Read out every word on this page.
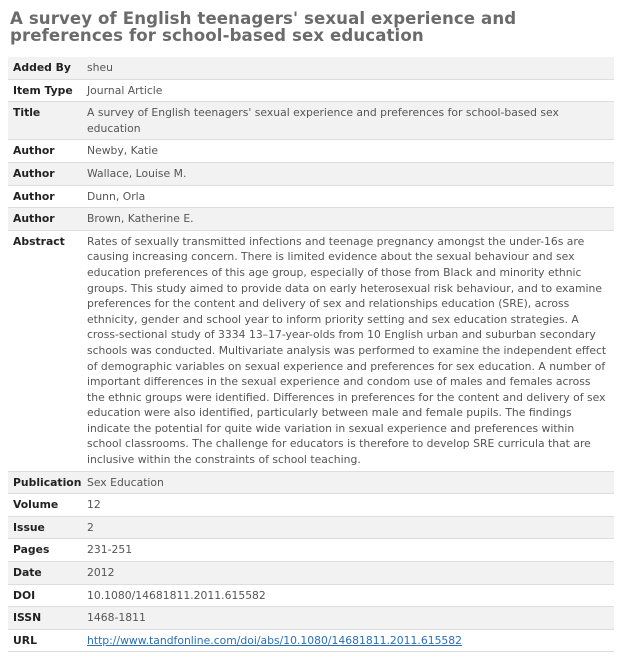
A survey of English teenagers' sexual experience and preferences for school-based sex education
Added By	sheu
Item Type	Journal Article
Title	A survey of English teenagers' sexual experience and preferences for school-based sex education
Author	Newby, Katie
Author	Wallace, Louise M.
Author	Dunn, Orla
Author	Brown, Katherine E.
Abstract	Rates of sexually transmitted infections and teenage pregnancy amongst the under-16s are causing increasing concern. There is limited evidence about the sexual behaviour and sex education preferences of this age group, especially of those from Black and minority ethnic groups. This study aimed to provide data on early heterosexual risk behaviour, and to examine preferences for the content and delivery of sex and relationships education (SRE), across ethnicity, gender and school year to inform priority setting and sex education strategies. A cross-sectional study of 3334 13–17-year-olds from 10 English urban and suburban secondary schools was conducted. Multivariate analysis was performed to examine the independent effect of demographic variables on sexual experience and preferences for sex education. A number of important differences in the sexual experience and condom use of males and females across the ethnic groups were identified. Differences in preferences for the content and delivery of sex education were also identified, particularly between male and female pupils. The findings indicate the potential for quite wide variation in sexual experience and preferences within school classrooms. The challenge for educators is therefore to develop SRE curricula that are inclusive within the constraints of school teaching.
Publication	Sex Education
Volume	12
Issue	2
Pages	231-251
Date	2012
DOI	10.1080/14681811.2011.615582
ISSN	1468-1811
URL	http://www.tandfonline.com/doi/abs/10.1080/14681811.2011.615582
